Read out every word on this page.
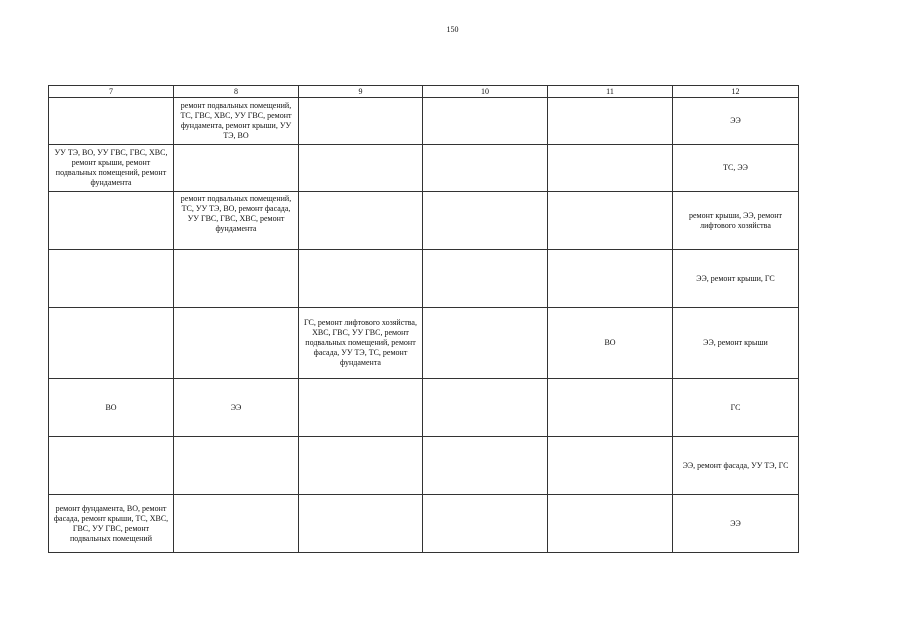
150
7	8	9	10	11	12
	ремонт подвальных помещений, ТС, ГВС, ХВС, УУ ГВС, ремонт фундамента, ремонт крыши, УУ ТЭ, ВО				ЭЭ
УУ ТЭ, ВО, УУ ГВС, ГВС, ХВС, ремонт крыши, ремонт подвальных помещений, ремонт фундамента					ТС, ЭЭ
	ремонт подвальных помещений, ТС, УУ ТЭ, ВО, ремонт фасада, УУ ГВС, ГВС, ХВС, ремонт фундамента				ремонт крыши, ЭЭ, ремонт лифтового хозяйства
					ЭЭ, ремонт крыши, ГС
		ГС, ремонт лифтового хозяйства, ХВС, ГВС, УУ ГВС, ремонт подвальных помещений, ремонт фасада, УУ ТЭ, ТС, ремонт фундамента		ВО	ЭЭ, ремонт крыши
ВО	ЭЭ				ГС
					ЭЭ, ремонт фасада, УУ ТЭ, ГС
ремонт фундамента, ВО, ремонт фасада, ремонт крыши, ТС, ХВС, ГВС, УУ ГВС, ремонт подвальных помещений					ЭЭ
